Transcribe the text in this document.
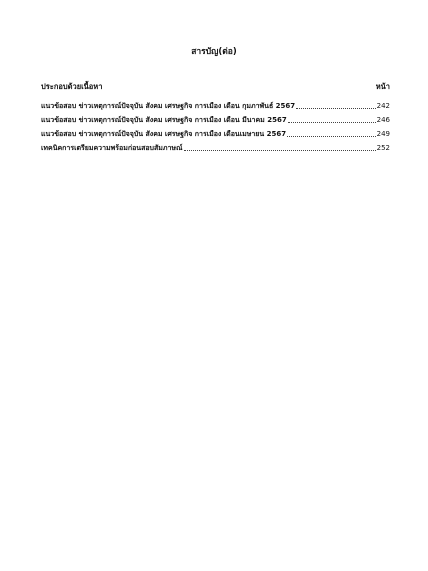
สารบัญ(ต่อ)
ประกอบด้วยเนื้อหา	หน้า
แนวข้อสอบ ข่าวเหตุการณ์ปัจจุบัน สังคม เศรษฐกิจ การเมือง เดือน กุมภาพันธ์ 2567	242
แนวข้อสอบ ข่าวเหตุการณ์ปัจจุบัน สังคม เศรษฐกิจ การเมือง เดือน มีนาคม 2567	246
แนวข้อสอบ ข่าวเหตุการณ์ปัจจุบัน สังคม เศรษฐกิจ การเมือง เดือนเมษายน 2567	249
เทคนิคการเตรียมความพร้อมก่อนสอบสัมภาษณ์	252
